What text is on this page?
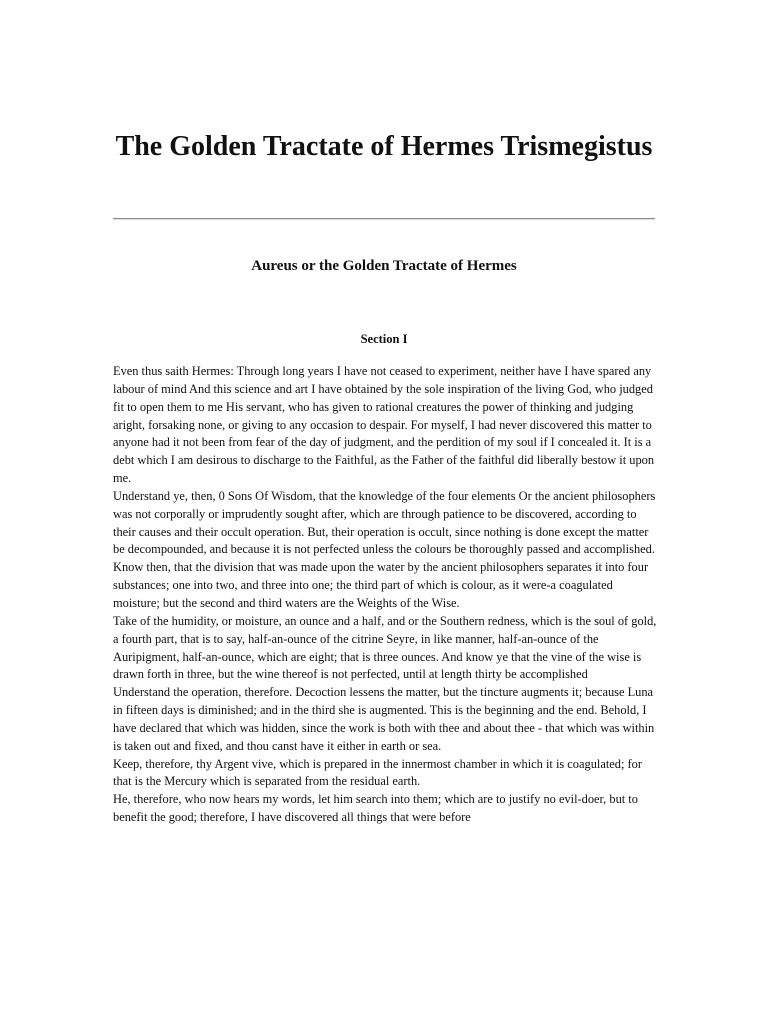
The Golden Tractate of Hermes Trismegistus
Aureus or the Golden Tractate of Hermes
Section I

Even thus saith Hermes: Through long years I have not ceased to experiment, neither have I have spared any labour of mind And this science and art I have obtained by the sole inspiration of the living God, who judged fit to open them to me His servant, who has given to rational creatures the power of thinking and judging aright, forsaking none, or giving to any occasion to despair. For myself, I had never discovered this matter to anyone had it not been from fear of the day of judgment, and the perdition of my soul if I concealed it. It is a debt which I am desirous to discharge to the Faithful, as the Father of the faithful did liberally bestow it upon me.

Understand ye, then, 0 Sons Of Wisdom, that the knowledge of the four elements Or the ancient philosophers was not corporally or imprudently sought after, which are through patience to be discovered, according to their causes and their occult operation. But, their operation is occult, since nothing is done except the matter be decompounded, and because it is not perfected unless the colours be thoroughly passed and accomplished.

Know then, that the division that was made upon the water by the ancient philosophers separates it into four substances; one into two, and three into one; the third part of which is colour, as it were-a coagulated moisture; but the second and third waters are the Weights of the Wise.

Take of the humidity, or moisture, an ounce and a half, and or the Southern redness, which is the soul of gold, a fourth part, that is to say, half-an-ounce of the citrine Seyre, in like manner, half-an-ounce of the Auripigment, half-an-ounce, which are eight; that is three ounces. And know ye that the vine of the wise is drawn forth in three, but the wine thereof is not perfected, until at length thirty be accomplished

Understand the operation, therefore. Decoction lessens the matter, but the tincture augments it; because Luna in fifteen days is diminished; and in the third she is augmented. This is the beginning and the end. Behold, I have declared that which was hidden, since the work is both with thee and about thee - that which was within is taken out and fixed, and thou canst have it either in earth or sea.

Keep, therefore, thy Argent vive, which is prepared in the innermost chamber in which it is coagulated; for that is the Mercury which is separated from the residual earth.

He, therefore, who now hears my words, let him search into them; which are to justify no evil-doer, but to benefit the good; therefore, I have discovered all things that were before
